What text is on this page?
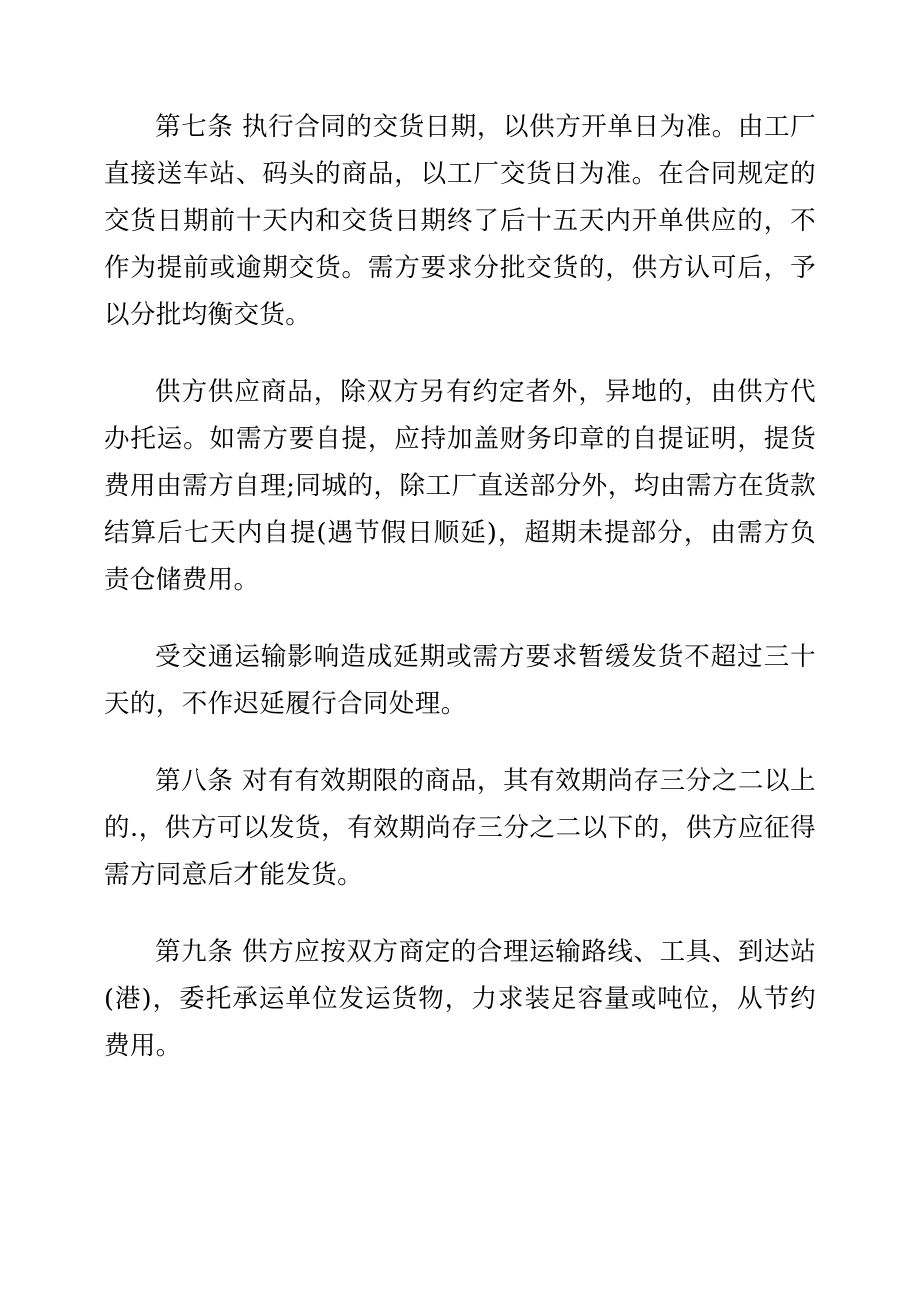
第七条 执行合同的交货日期，以供方开单日为准。由工厂直接送车站、码头的商品，以工厂交货日为准。在合同规定的交货日期前十天内和交货日期终了后十五天内开单供应的，不作为提前或逾期交货。需方要求分批交货的，供方认可后，予以分批均衡交货。

供方供应商品，除双方另有约定者外，异地的，由供方代办托运。如需方要自提，应持加盖财务印章的自提证明，提货费用由需方自理;同城的，除工厂直送部分外，均由需方在货款结算后七天内自提(遇节假日顺延)，超期未提部分，由需方负责仓储费用。

受交通运输影响造成延期或需方要求暂缓发货不超过三十天的，不作迟延履行合同处理。

第八条 对有有效期限的商品，其有效期尚存三分之二以上的.，供方可以发货，有效期尚存三分之二以下的，供方应征得需方同意后才能发货。

第九条 供方应按双方商定的合理运输路线、工具、到达站(港)，委托承运单位发运货物，力求装足容量或吨位，从节约费用。
